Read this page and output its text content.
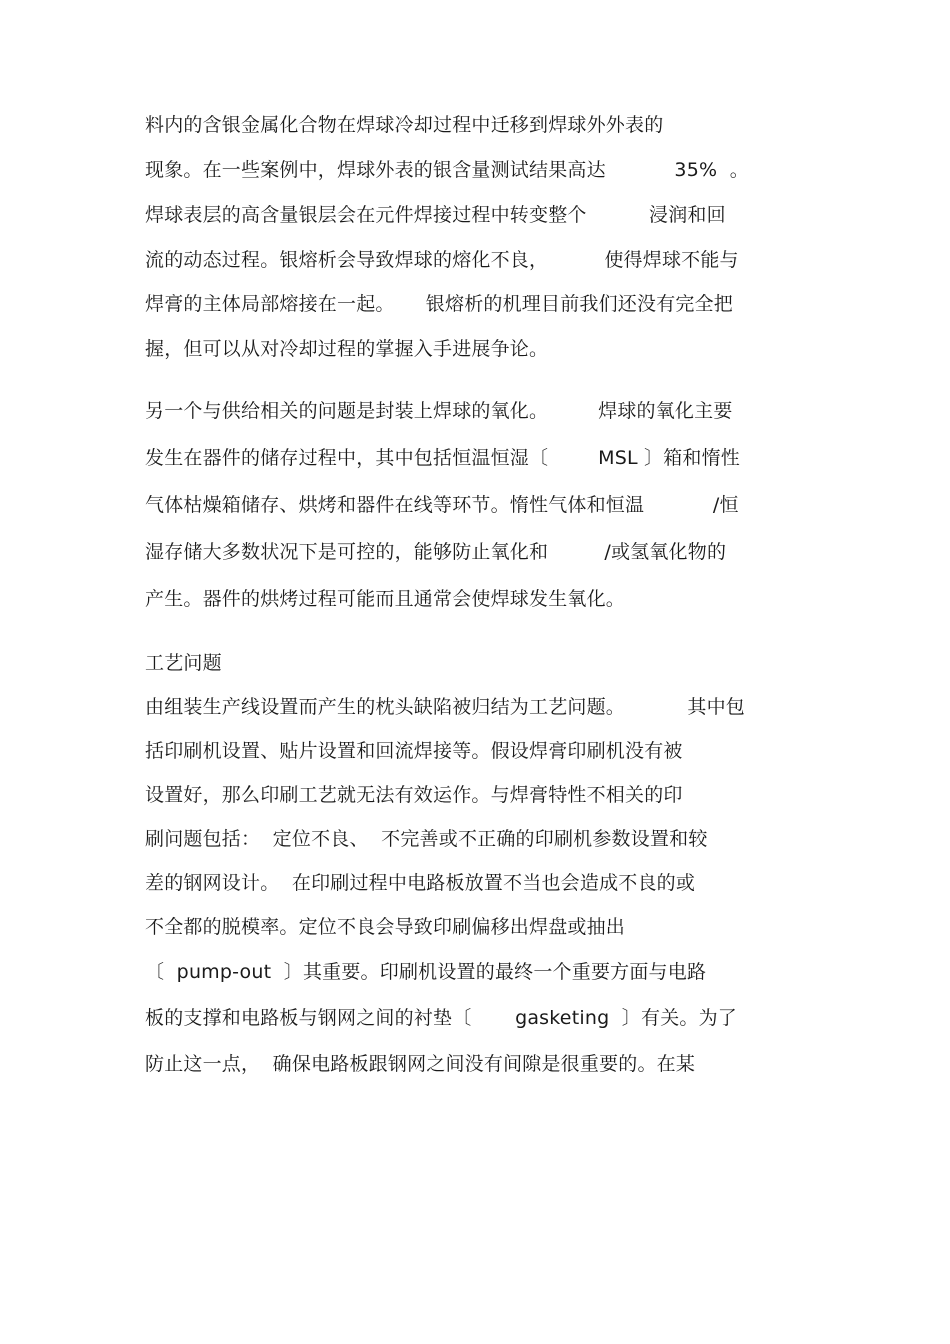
料内的含银金属化合物在焊球冷却过程中迁移到焊球外外表的
现象。在一些案例中，焊球外表的银含量测试结果高达           35%  。
焊球表层的高含量银层会在元件焊接过程中转变整个          浸润和回
流的动态过程。银熔析会导致焊球的熔化不良，         使得焊球不能与
焊膏的主体局部熔接在一起。     银熔析的机理目前我们还没有完全把
握，但可以从对冷却过程的掌握入手进展争论。
另一个与供给相关的问题是封装上焊球的氧化。        焊球的氧化主要
发生在器件的储存过程中，其中包括恒温恒湿〔        MSL 〕箱和惰性
气体枯燥箱储存、烘烤和器件在线等环节。惰性气体和恒温           /恒
湿存储大多数状况下是可控的，能够防止氧化和         /或氢氧化物的
产生。器件的烘烤过程可能而且通常会使焊球发生氧化。
工艺问题
由组装生产线设置而产生的枕头缺陷被归结为工艺问题。          其中包
括印刷机设置、贴片设置和回流焊接等。假设焊膏印刷机没有被
设置好，那么印刷工艺就无法有效运作。与焊膏特性不相关的印
刷问题包括：  定位不良、  不完善或不正确的印刷机参数设置和较
差的钢网设计。  在印刷过程中电路板放置不当也会造成不良的或
不全都的脱模率。定位不良会导致印刷偏移出焊盘或抽出
〔  pump-out  〕其重要。印刷机设置的最终一个重要方面与电路
板的支撑和电路板与钢网之间的衬垫〔       gasketing  〕有关。为了
防止这一点，  确保电路板跟钢网之间没有间隙是很重要的。在某
